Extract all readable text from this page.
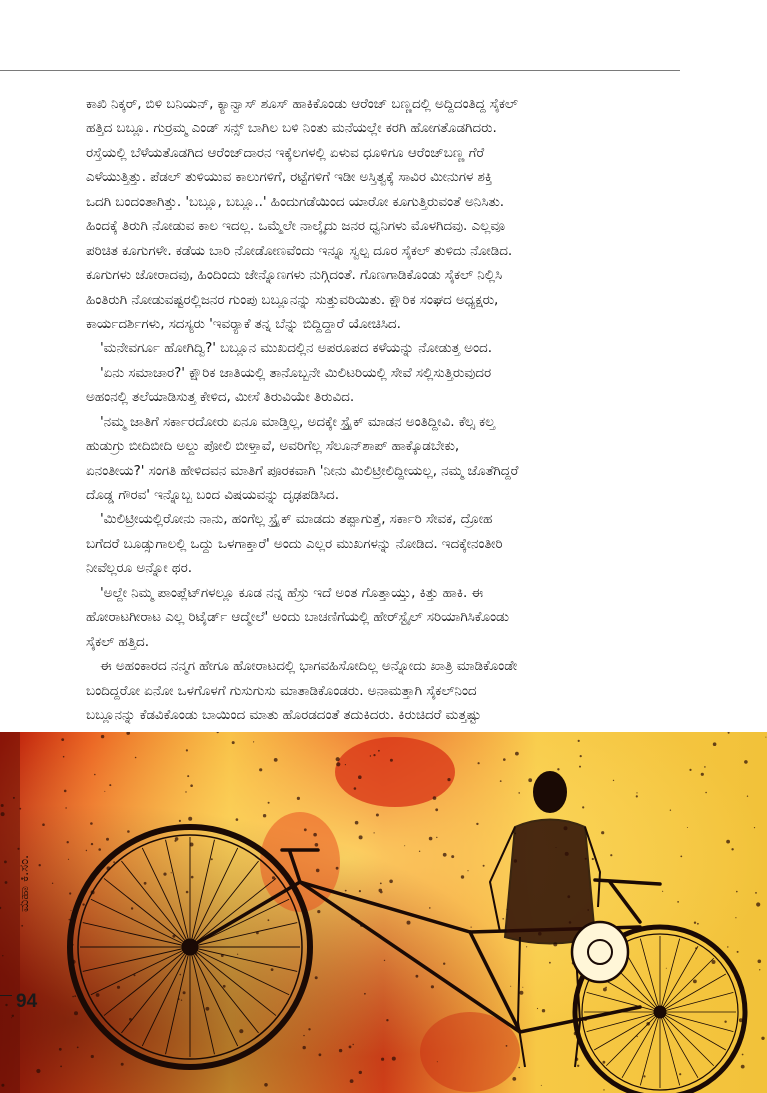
ಕಾಖಿ ನಿಕ್ಕರ್, ಬಿಳಿ ಬನಿಯನ್, ಕ್ಯಾನ್ವಾಸ್ ಶೂಸ್ ಹಾಕಿಕೊಂಡು ಆರೆಂಜ್ ಬಣ್ಣದಲ್ಲಿ ಅದ್ದಿದಂತಿದ್ದ ಸೈಕಲ್
ಹತ್ತಿದ ಬಬ್ಲೂ. ಗುರ್‍ರಮ್ಮ ಎಂಡ್ ಸನ್ಸ್ ಬಾಗಿಲ ಬಳಿ ನಿಂತು ಮನೆಯಲ್ಲೇ ಕರಗಿ ಹೋಗತೊಡಗಿದರು.
ರಸ್ತೆಯಲ್ಲಿ ಬೆಳೆಯತೊಡಗಿದ ಆರೆಂಜ್‌ದಾರನ ಇಕ್ಕೆಲಗಳಲ್ಲಿ ಏಳುವ ಧೂಳಿಗೂ ಆರೆಂಜ್‌ಬಣ್ಣ ಗೆರೆ
ಎಳೆಯುತ್ತಿತ್ತು. ಪೆಡಲ್ ತುಳಿಯುವ ಕಾಲುಗಳಿಗೆ, ರಟ್ಟೆಗಳಿಗೆ ಇಡೀ ಅಸ್ತಿತ್ವಕ್ಕೆ ಸಾವಿರ ಮೀನುಗಳ ಶಕ್ತಿ
ಒದಗಿ ಬಂದಂತಾಗಿತ್ತು. 'ಬಬ್ಲೂ, ಬಬ್ಲೂ..' ಹಿಂದುಗಡೆಯಿಂದ ಯಾರೋ ಕೂಗುತ್ತಿರುವಂತೆ ಅನಿಸಿತು.
ಹಿಂದಕ್ಕೆ ತಿರುಗಿ ನೋಡುವ ಕಾಲ ಇದಲ್ಲ. ಒಮ್ಮೆಲೇ ನಾಲ್ಕೈದು ಜನರ ಧ್ವನಿಗಳು ಮೊಳಗಿದವು. ಎಲ್ಲವೂ
ಪರಿಚಿತ ಕೂಗುಗಳೇ. ಕಡೆಯ ಬಾರಿ ನೋಡೋಣವೆಂದು ಇನ್ನೂ ಸ್ವಲ್ಪ ದೂರ ಸೈಕಲ್ ತುಳಿದು ನೋಡಿದ.
ಕೂಗುಗಳು ಜೋರಾದವು, ಹಿಂದಿಂದು ಜೇನ್ನೊಣಗಳು ನುಗ್ಗಿದಂತೆ. ಗೊಣಗಾಡಿಕೊಂಡು ಸೈಕಲ್ ನಿಲ್ಲಿಸಿ
ಹಿಂತಿರುಗಿ ನೋಡುವಷ್ಟರಲ್ಲಿಜನರ ಗುಂಪು ಬಬ್ಲೂನನ್ನು ಸುತ್ತುವರಿಯಿತು. ಕ್ಷೌರಿಕ ಸಂಘದ ಅಧ್ಯಕ್ಷರು,
ಕಾರ್ಯದರ್ಶಿಗಳು, ಸದಸ್ಯರು 'ಇವರ್‍ಯಾಕೆ ತನ್ನ ಬೆನ್ನು ಬಿದ್ದಿದ್ದಾರೆ ಯೋಚಿಸಿದ.
'ಮನೇವರ್ಗೂ ಹೋಗಿದ್ವಿ?' ಬಬ್ಲೂನ ಮುಖದಲ್ಲಿನ ಅಪರೂಪದ ಕಳೆಯನ್ನು ನೋಡುತ್ತ ಅಂದ.
'ಏನು ಸಮಾಚಾರ?' ಕ್ಷೌರಿಕ ಜಾತಿಯಲ್ಲಿ ತಾನೊಬ್ಬನೇ ಮಿಲಿಟರಿಯಲ್ಲಿ ಸೇವೆ ಸಲ್ಲಿಸುತ್ತಿರುವುದರ
ಅಹಂನಲ್ಲಿ ತಲೆಯಾಡಿಸುತ್ತ ಕೇಳಿದ, ಮೀಸೆ ತಿರುವಿಯೇ ತಿರುವಿದ.
'ನಮ್ಮ ಜಾತಿಗೆ ಸರ್ಕಾರದೋರು ಏನೂ ಮಾಡ್ತಿಲ್ಲ, ಅದಕ್ಕೇ ಸ್ಟ್ರೈಕ್ ಮಾಡನ ಅಂತಿದ್ದೀವಿ. ಕೆಲ್ಸ ಕಲ್ತ
ಹುಡುಗ್ರು ಬೀದಿಬೀದಿ ಅಲ್ದು ಪೋಲಿ ಬೀಳ್ತಾವೆ, ಅವರಿಗೆಲ್ಲ ಸೆಲೂನ್‌ಶಾಪ್ ಹಾಕ್ಕೊಡಬೇಕು,
ಏನಂತೀಯ?' ಸಂಗತಿ ಹೇಳಿದವನ ಮಾತಿಗೆ ಪೂರಕವಾಗಿ 'ನೀನು ಮಿಲಿಟ್ರೀಲಿದ್ದೀಯಲ್ಲ, ನಮ್ಮ ಜೊತೆಗಿದ್ದರೆ
ದೊಡ್ಡ ಗೌರವ' ಇನ್ನೊಬ್ಬ ಬಂದ ವಿಷಯವನ್ನು ದೃಢಪಡಿಸಿದ.
'ಮಿಲಿಟ್ರೀಯಲ್ಲಿರೋನು ನಾನು, ಹಂಗೆಲ್ಲ ಸ್ಟ್ರೈಕ್ ಮಾಡದು ತಪ್ಪಾಗುತ್ತೆ, ಸರ್ಕಾರಿ ಸೇವಕ, ದ್ರೋಹ
ಬಗೆದರೆ ಬೂಡ್ಸುಗಾಲಲ್ಲಿ ಒದ್ದು ಒಳಗಾಕ್ತಾರೆ' ಅಂದು ಎಲ್ಲರ ಮುಖಗಳನ್ನು ನೋಡಿದ. ಇದಕ್ಕೇನಂತೀರಿ
ನೀವೆಲ್ಲರೂ ಅನ್ನೋ ಥರ.
'ಅಲ್ದೇ ನಿಮ್ಮ ಪಾಂಪ್ಲೆಟ್‌ಗಳಲ್ಲೂ ಕೂಡ ನನ್ನ ಹೆಸ್ರು ಇದೆ ಅಂತ ಗೊತ್ತಾಯ್ತು, ಕಿತ್ತು ಹಾಕಿ. ಈ
ಹೋರಾಟಗೀರಾಟ ಎಲ್ಲ ರಿಟೈರ್ಡ್ ಆದ್ಮೇಲೆ' ಅಂದು ಬಾಚಣಿಗೆಯಲ್ಲಿ ಹೇರ್‌ಸ್ಟೈಲ್ ಸರಿಯಾಗಿಸಿಕೊಂಡು
ಸೈಕಲ್ ಹತ್ತಿದ.
ಈ ಅಹಂಕಾರದ ನನ್ಮಗ ಹೇಗೂ ಹೋರಾಟದಲ್ಲಿ ಭಾಗವಹಿಸೋದಿಲ್ಲ ಅನ್ನೋದು ಖಾತ್ರಿ ಮಾಡಿಕೊಂಡೇ
ಬಂದಿದ್ದರೋ ಏನೋ ಒಳಗೊಳಗೆ ಗುಸುಗುಸು ಮಾತಾಡಿಕೊಂಡರು. ಅನಾಮತ್ತಾಗಿ ಸೈಕಲ್‌ನಿಂದ
ಬಬ್ಲೂನನ್ನು ಕೆಡವಿಕೊಂಡು ಬಾಯಿಂದ ಮಾತು ಹೊರಡದಂತೆ ತದುಕಿದರು. ಕಿರುಚಿದರೆ ಮತ್ತಷ್ಟು
ಮಹಾ ಕಿ.ಸಂ.
94
